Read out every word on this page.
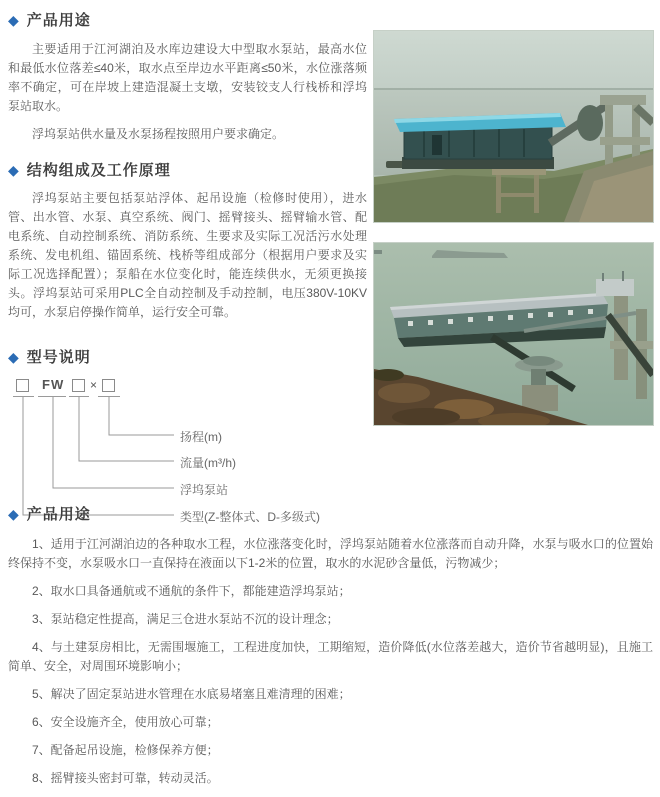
◆ 产品用途

主要适用于江河湖泊及水库边建设大中型取水泵站，最高水位和最低水位落差≤40米，取水点至岸边水平距离≤50米，水位涨落频率不确定，可在岸坡上建造混凝土支墩，安装铰支人行栈桥和浮坞泵站取水。

浮坞泵站供水量及水泵扬程按照用户要求确定。

◆ 结构组成及工作原理

浮坞泵站主要包括泵站浮体、起吊设施（检修时使用），进水管、出水管、水泵、真空系统、阀门、摇臂接头、摇臂输水管、配电系统、自动控制系统、消防系统、生要求及实际工况活污水处理系统、发电机组、锚固系统、栈桥等组成部分（根据用户要求及实际工况选择配置）；泵船在水位变化时，能连续供水，无须更换接头。浮坞泵站可采用PLC全自动控制及手动控制，电压380V-10KV均可，水泵启停操作简单，运行安全可靠。

◆ 型号说明
FW ×
扬程(m)
流量(m³/h)
浮坞泵站
类型(Z-整体式、D-多级式)
◆ 产品用途

1、适用于江河湖泊边的各种取水工程，水位涨落变化时，浮坞泵站随着水位涨落而自动升降，水泵与吸水口的位置始终保持不变，水泵吸水口一直保持在液面以下1-2米的位置，取水的水泥砂含量低，污物减少；

2、取水口具备通航或不通航的条件下，都能建造浮坞泵站；

3、泵站稳定性提高，满足三仓进水泵站不沉的设计理念；

4、与土建泵房相比，无需围堰施工，工程进度加快，工期缩短，造价降低(水位落差越大，造价节省越明显)，且施工简单、安全，对周围环境影响小；

5、解决了固定泵站进水管理在水底易堵塞且难清理的困难；

6、安全设施齐全，使用放心可靠；

7、配备起吊设施，检修保养方便；

8、摇臂接头密封可靠，转动灵活。
